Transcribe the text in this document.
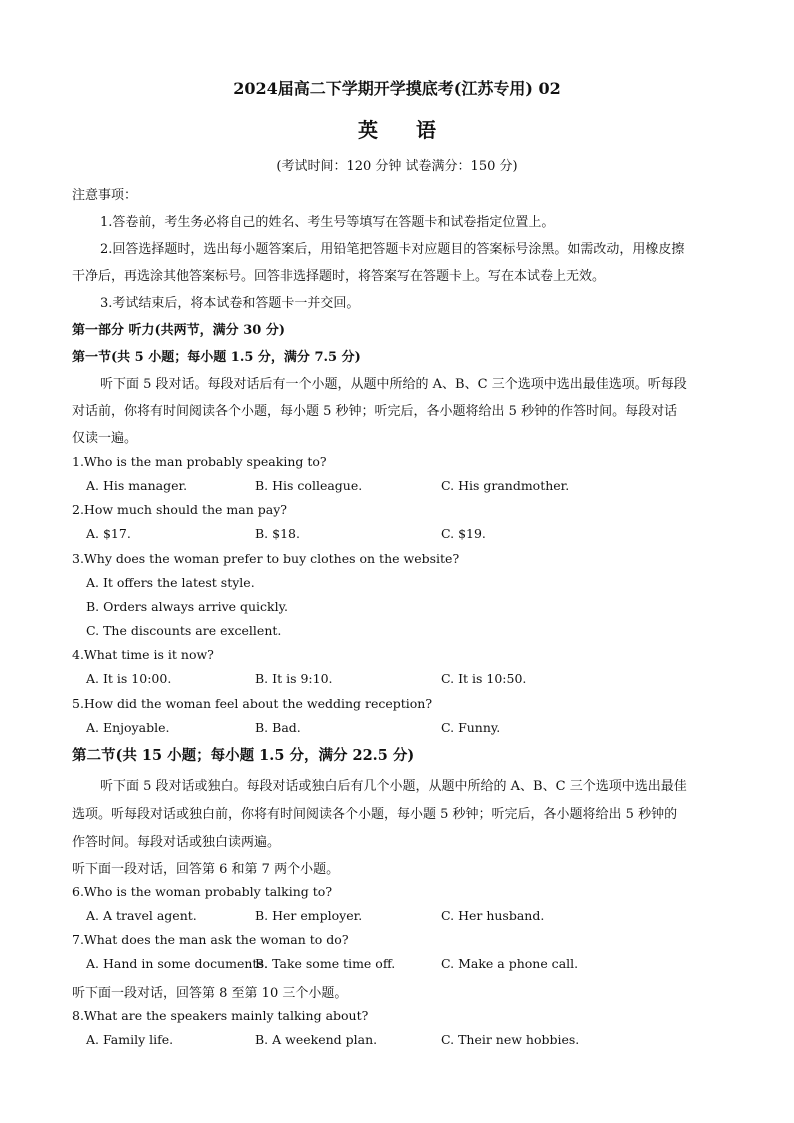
2024届高二下学期开学摸底考(江苏专用) 02
英语
(考试时间：120 分钟 试卷满分：150 分)
注意事项：
1.答卷前，考生务必将自己的姓名、考生号等填写在答题卡和试卷指定位置上。
2.回答选择题时，选出每小题答案后，用铅笔把答题卡对应题目的答案标号涂黑。如需改动，用橡皮擦
干净后，再选涂其他答案标号。回答非选择题时，将答案写在答题卡上。写在本试卷上无效。
3.考试结束后，将本试卷和答题卡一并交回。
第一部分 听力(共两节，满分 30 分)
第一节(共 5 小题；每小题 1.5 分，满分 7.5 分)
听下面 5 段对话。每段对话后有一个小题，从题中所给的 A、B、C 三个选项中选出最佳选项。听每段
对话前，你将有时间阅读各个小题，每小题 5 秒钟；听完后，各小题将给出 5 秒钟的作答时间。每段对话
仅读一遍。
1.Who is the man probably speaking to?
A. His manager.	B. His colleague.	C. His grandmother.
2.How much should the man pay?
A. $17.	B. $18.	C. $19.
3.Why does the woman prefer to buy clothes on the website?
A. It offers the latest style.
B. Orders always arrive quickly.
C. The discounts are excellent.
4.What time is it now?
A. It is 10:00.	B. It is 9:10.	C. It is 10:50.
5.How did the woman feel about the wedding reception?
A. Enjoyable.	B. Bad.	C. Funny.
第二节(共 15 小题；每小题 1.5 分，满分 22.5 分)
听下面 5 段对话或独白。每段对话或独白后有几个小题，从题中所给的 A、B、C 三个选项中选出最佳
选项。听每段对话或独白前，你将有时间阅读各个小题，每小题 5 秒钟；听完后，各小题将给出 5 秒钟的
作答时间。每段对话或独白读两遍。
听下面一段对话，回答第 6 和第 7 两个小题。
6.Who is the woman probably talking to?
A. A travel agent.	B. Her employer.	C. Her husband.
7.What does the man ask the woman to do?
A. Hand in some documents.
B. Take some time off.	C. Make a phone call.
听下面一段对话，回答第 8 至第 10 三个小题。
8.What are the speakers mainly talking about?
A. Family life.	B. A weekend plan.	C. Their new hobbies.
